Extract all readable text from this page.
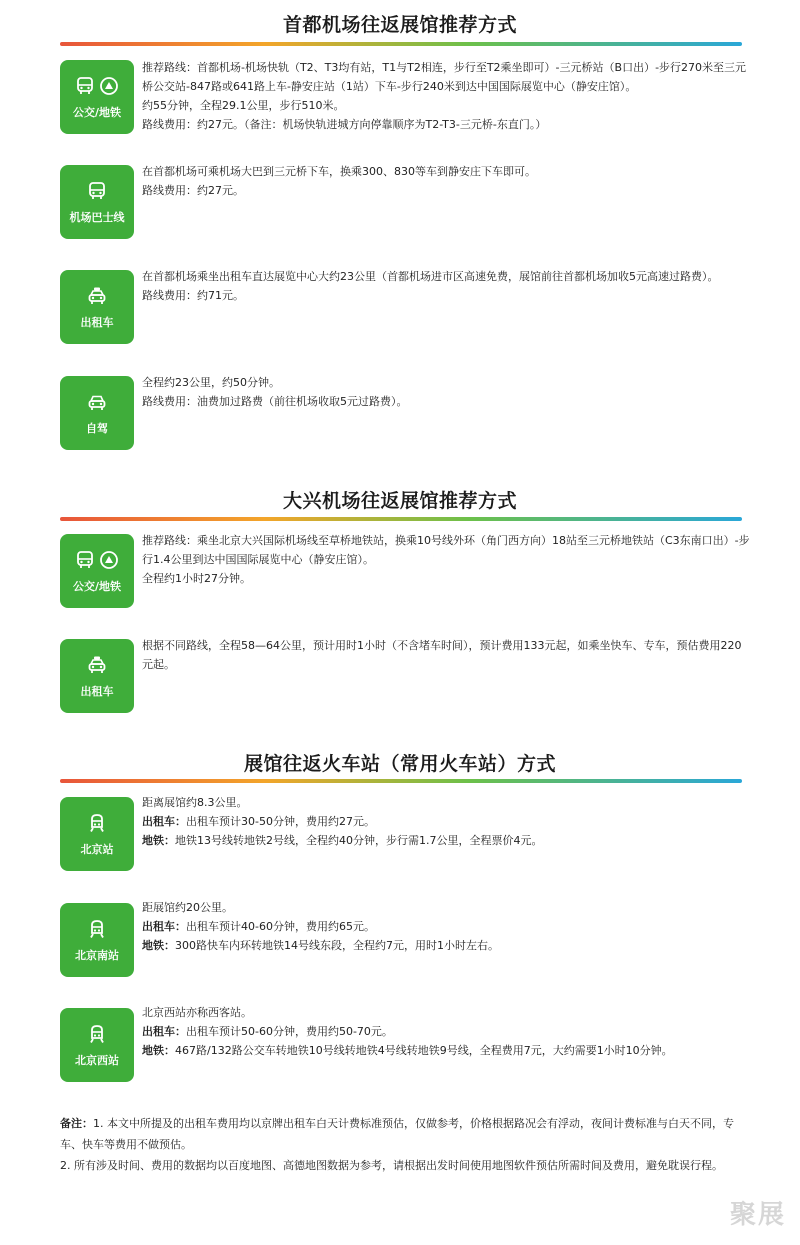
首都机场往返展馆推荐方式
公交/地铁

推荐路线：首都机场-机场快轨（T2、T3均有站，T1与T2相连，步行至T2乘坐即可）-三元桥站（B口出）-步行270米至三元桥公交站-847路或641路上车-静安庄站（1站）下车-步行240米到达中国国际展览中心（静安庄馆）。

约55分钟，全程29.1公里，步行510米。

路线费用：约27元。（备注：机场快轨进城方向停靠顺序为T2-T3-三元桥-东直门。）

机场巴士线

在首都机场可乘机场大巴到三元桥下车，换乘300、830等车到静安庄下车即可。

路线费用：约27元。

出租车

在首都机场乘坐出租车直达展览中心大约23公里（首都机场进市区高速免费，展馆前往首都机场加收5元高速过路费）。

路线费用：约71元。

自驾

全程约23公里，约50分钟。

路线费用：油费加过路费（前往机场收取5元过路费）。

大兴机场往返展馆推荐方式
公交/地铁

推荐路线：乘坐北京大兴国际机场线至草桥地铁站，换乘10号线外环（角门西方向）18站至三元桥地铁站（C3东南口出）-步行1.4公里到达中国国际展览中心（静安庄馆）。

全程约1小时27分钟。

出租车

根据不同路线，全程58—64公里，预计用时1小时（不含堵车时间），预计费用133元起，如乘坐快车、专车，预估费用220元起。

展馆往返火车站（常用火车站）方式
北京站

距离展馆约8.3公里。

出租车：出租车预计30-50分钟，费用约27元。

地铁：地铁13号线转地铁2号线，全程约40分钟，步行需1.7公里，全程票价4元。

北京南站

距展馆约20公里。

出租车：出租车预计40-60分钟，费用约65元。

地铁：300路快车内环转地铁14号线东段，全程约7元，用时1小时左右。

北京西站

北京西站亦称西客站。

出租车：出租车预计50-60分钟，费用约50-70元。

地铁：467路/132路公交车转地铁10号线转地铁4号线转地铁9号线，全程费用7元，大约需要1小时10分钟。

备注：1. 本文中所提及的出租车费用均以京牌出租车白天计费标准预估，仅做参考，价格根据路况会有浮动，夜间计费标准与白天不同，专车、快车等费用不做预估。

2. 所有涉及时间、费用的数据均以百度地图、高德地图数据为参考，请根据出发时间使用地图软件预估所需时间及费用，避免耽误行程。

聚展
